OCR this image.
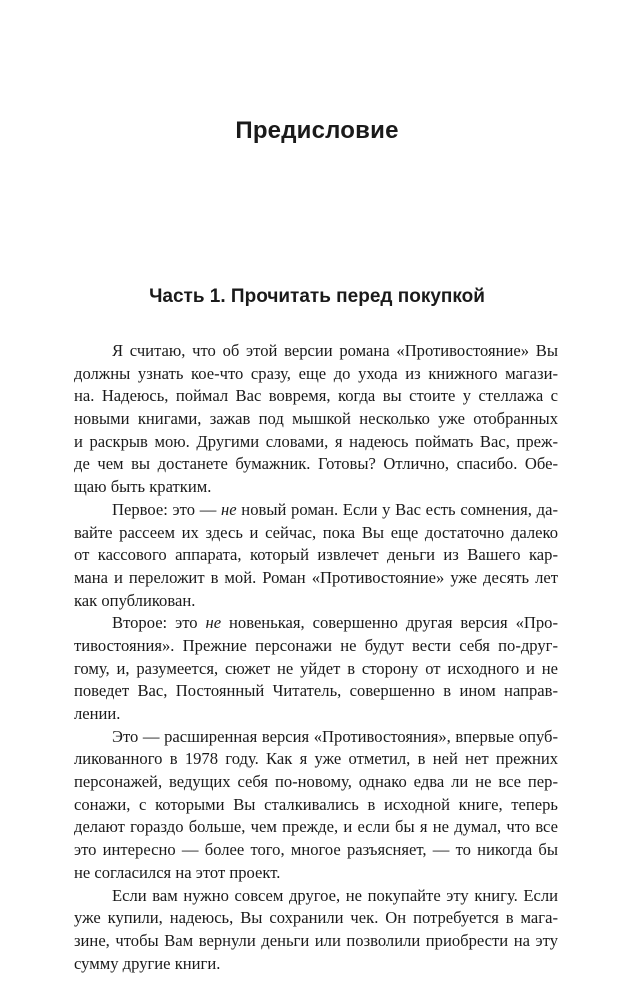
Предисловие
Часть 1. Прочитать перед покупкой
Я считаю, что об этой версии романа «Противостояние» Вы
должны узнать кое-что сразу, еще до ухода из книжного магази-
на. Надеюсь, поймал Вас вовремя, когда вы стоите у стеллажа с
новыми книгами, зажав под мышкой несколько уже отобранных
и раскрыв мою. Другими словами, я надеюсь поймать Вас, преж-
де чем вы достанете бумажник. Готовы? Отлично, спасибо. Обе-
щаю быть кратким.
Первое: это — не новый роман. Если у Вас есть сомнения, да-
вайте рассеем их здесь и сейчас, пока Вы еще достаточно далеко
от кассового аппарата, который извлечет деньги из Вашего кар-
мана и переложит в мой. Роман «Противостояние» уже десять лет
как опубликован.
Второе: это не новенькая, совершенно другая версия «Про-
тивостояния». Прежние персонажи не будут вести себя по-друг-
гому, и, разумеется, сюжет не уйдет в сторону от исходного и не
поведет Вас, Постоянный Читатель, совершенно в ином направ-
лении.
Это — расширенная версия «Противостояния», впервые опуб-
ликованного в 1978 году. Как я уже отметил, в ней нет прежних
персонажей, ведущих себя по-новому, однако едва ли не все пер-
сонажи, с которыми Вы сталкивались в исходной книге, теперь
делают гораздо больше, чем прежде, и если бы я не думал, что все
это интересно — более того, многое разъясняет, — то никогда бы
не согласился на этот проект.
Если вам нужно совсем другое, не покупайте эту книгу. Если
уже купили, надеюсь, Вы сохранили чек. Он потребуется в мага-
зине, чтобы Вам вернули деньги или позволили приобрести на эту
сумму другие книги.
